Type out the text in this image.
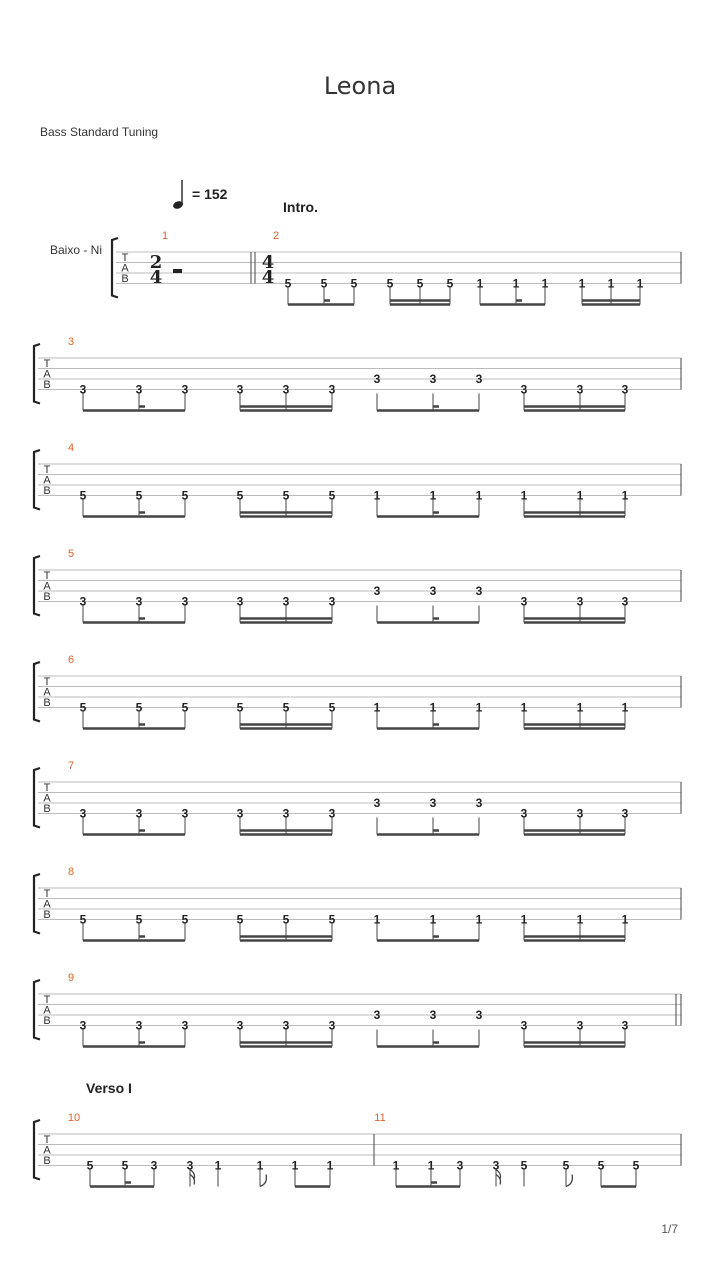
Leona
Bass Standard Tuning
= 152
Intro.
Verso I
Baixo - Ni
1/7
T
A
B
1	2
2
4
4
4 5 5 5 5 5 5 1 1 1	1 1 1
T
A
B
3
3	3	3	3	3	3
3	3	3
3	3	3
T
A
B
4
5	5	5	5	5	5	1	1	1	1	1	1
T
A
B
5
3	3	3	3	3	3
3	3	3
3	3	3
T
A
B
6
5	5	5	5	5	5	1	1	1	1	1	1
T
A
B
7
3	3	3	3	3	3
3	3	3
3	3	3
T
A
B
8
5	5	5	5	5	5	1	1	1	1	1	1
T
A
B
9
3	3	3	3	3	3
3	3	3
3	3	3
T
A
B
10	11
5 5 3 3 1	1 1 1	1 1 3 3 5	5 5 5
